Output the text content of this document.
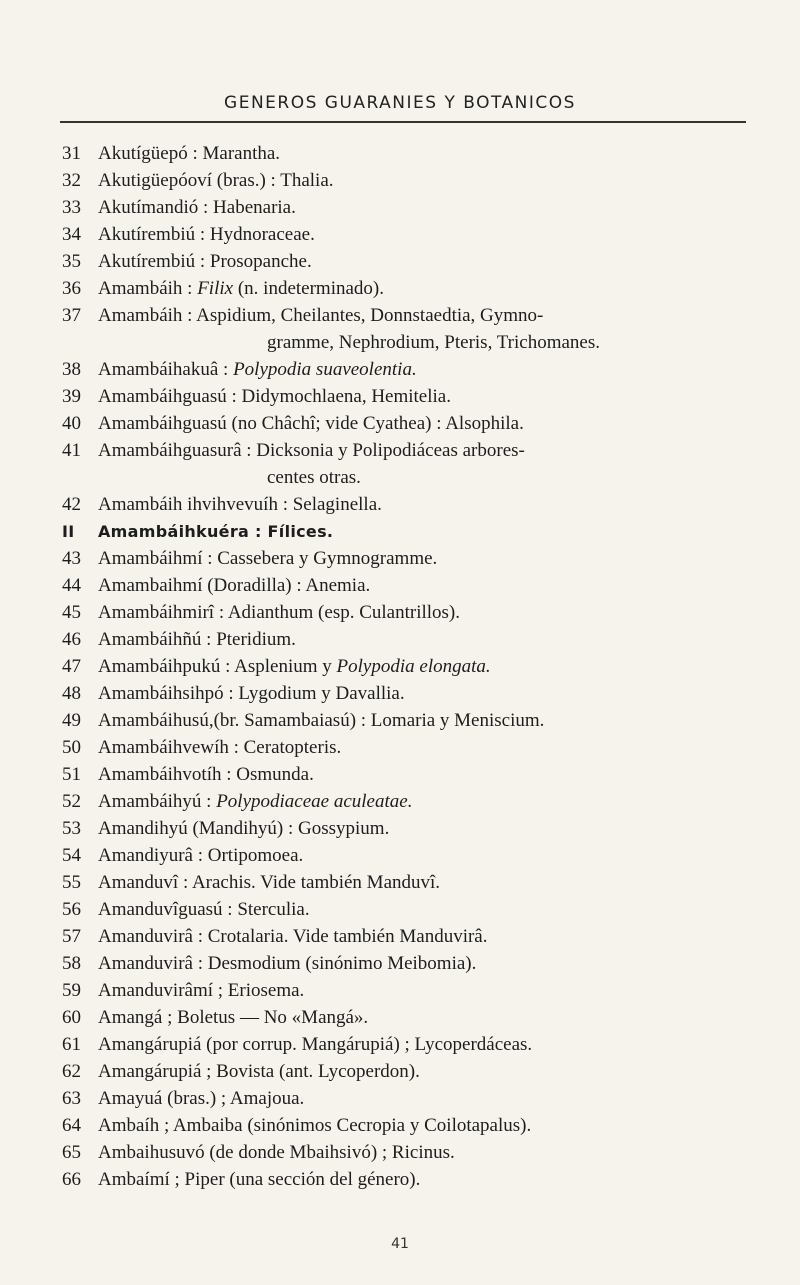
GENEROS GUARANIES Y BOTANICOS
31 Akutígüepó : Marantha.
32 Akutigüepóoví (bras.) : Thalia.
33 Akutímandió : Habenaria.
34 Akutírembiú : Hydnoraceae.
35 Akutírembiú : Prosopanche.
36 Amambáih : Filix (n. indeterminado).
37 Amambáih : Aspidium, Cheilantes, Donnstaedtia, Gymno-
gramme, Nephrodium, Pteris, Trichomanes.
38 Amambáihakuâ : Polypodia suaveolentia.
39 Amambáihguasú : Didymochlaena, Hemitelia.
40 Amambáihguasú (no Châchî; vide Cyathea) : Alsophila.
41 Amambáihguasurâ : Dicksonia y Polipodiáceas arbores-
centes otras.
42 Amambáih ihvihvevuíh : Selaginella.
II	Amambáihkuéra : Fílices.
43 Amambáihmí : Cassebera y Gymnogramme.
44 Amambaihmí (Doradilla) : Anemia.
45 Amambáihmirî : Adianthum (esp. Culantrillos).
46 Amambáihñú : Pteridium.
47 Amambáihpukú : Asplenium y Polypodia elongata.
48 Amambáihsihpó : Lygodium y Davallia.
49 Amambáihusú,(br. Samambaiasú) : Lomaria y Meniscium.
50 Amambáihvewíh : Ceratopteris.
51 Amambáihvotíh : Osmunda.
52 Amambáihyú : Polypodiaceae aculeatae.
53 Amandihyú (Mandihyú) : Gossypium.
54 Amandiyurâ : Ortipomoea.
55 Amanduvî : Arachis. Vide también Manduvî.
56 Amanduvîguasú : Sterculia.
57 Amanduvirâ : Crotalaria. Vide también Manduvirâ.
58 Amanduvirâ : Desmodium (sinónimo Meibomia).
59 Amanduvirâmí ; Eriosema.
60 Amangá ; Boletus — No «Mangá».
61 Amangárupiá (por corrup. Mangárupiá) ; Lycoperdáceas.
62 Amangárupiá ; Bovista (ant. Lycoperdon).
63 Amayuá (bras.) ; Amajoua.
64 Ambaíh ; Ambaiba (sinónimos Cecropia y Coilotapalus).
65 Ambaihusuvó (de donde Mbaihsivó) ; Ricinus.
66 Ambaímí ; Piper (una sección del género).
41
